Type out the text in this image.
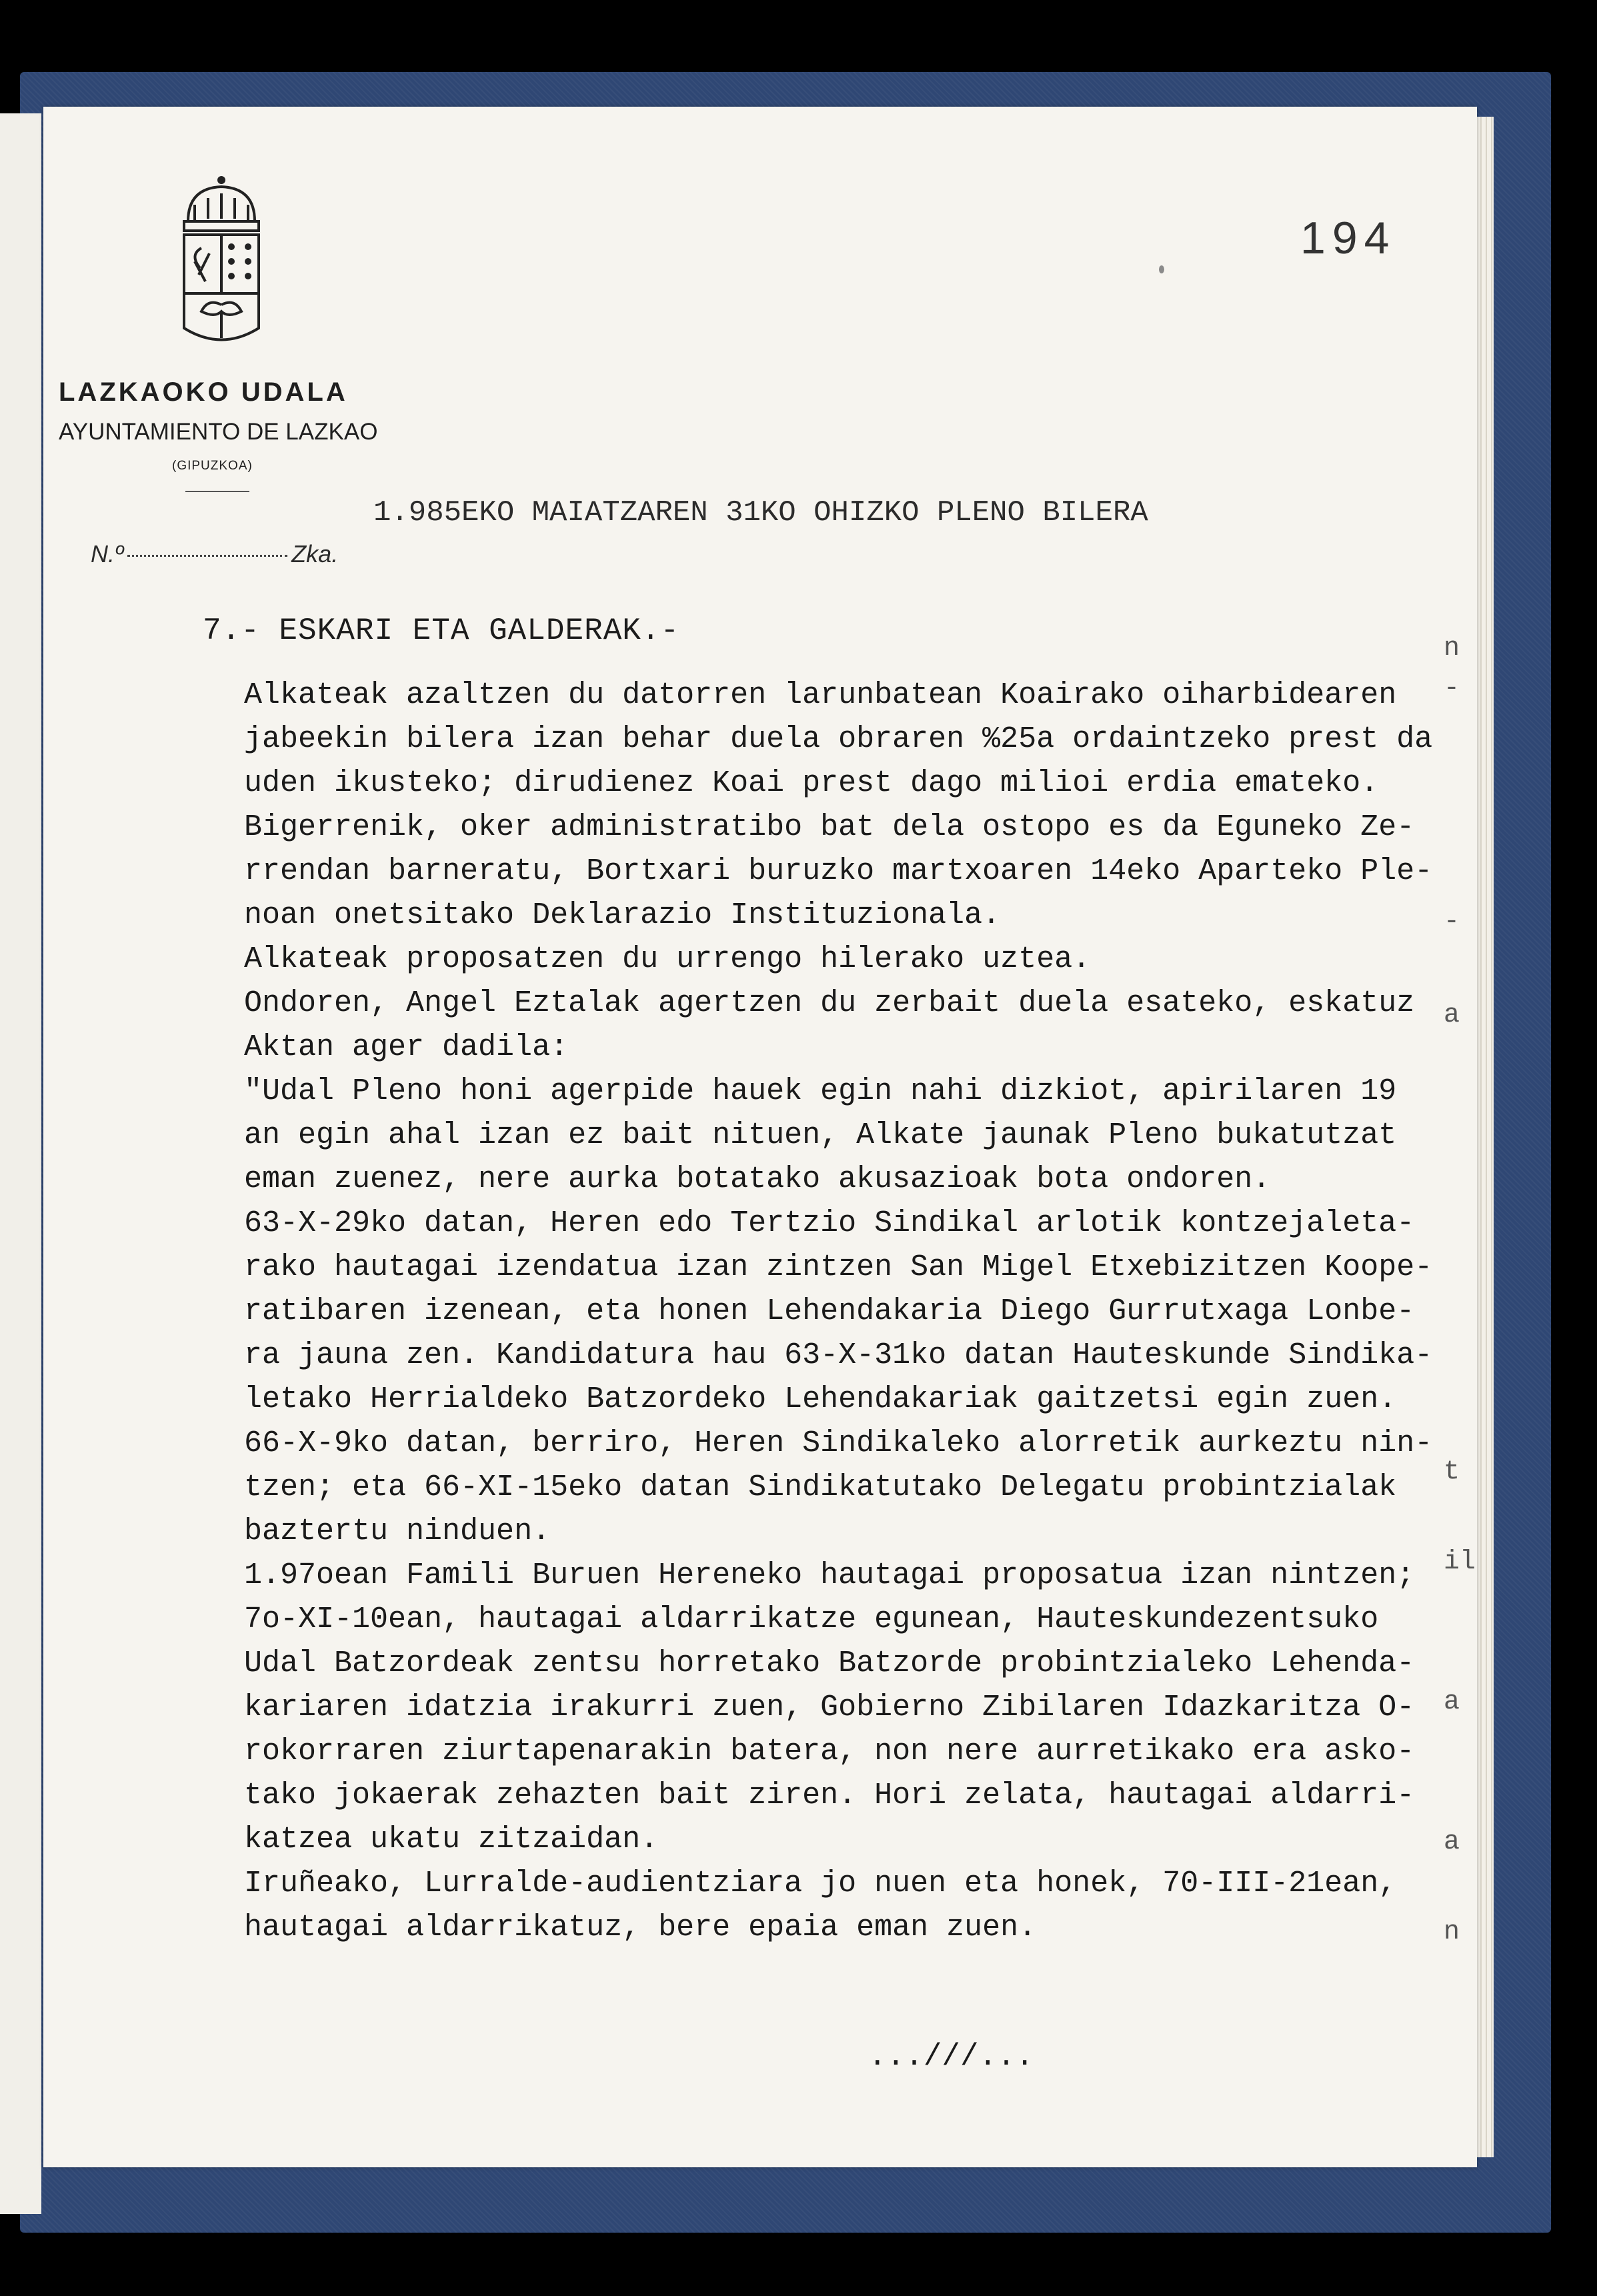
LAZKAOKO UDALA
AYUNTAMIENTO DE LAZKAO
(GIPUZKOA)
194
1.985EKO MAIATZAREN 31KO OHIZKO PLENO BILERA
N.º	Zka.
7.- ESKARI ETA GALDERAK.-
Alkateak azaltzen du datorren larunbatean Koairako oiharbidearen
jabeekin bilera izan behar duela obraren %25a ordaintzeko prest da
uden ikusteko; dirudienez Koai prest dago milioi erdia emateko.
Bigerrenik, oker administratibo bat dela ostopo es da Eguneko Ze-
rrendan barneratu, Bortxari buruzko martxoaren 14eko Aparteko Ple-
noan onetsitako Deklarazio Instituzionala.
Alkateak proposatzen du urrengo hilerako uztea.
Ondoren, Angel Eztalak agertzen du zerbait duela esateko, eskatuz
Aktan ager dadila:
"Udal Pleno honi agerpide hauek egin nahi dizkiot, apirilaren 19
an egin ahal izan ez bait nituen, Alkate jaunak Pleno bukatutzat
eman zuenez, nere aurka botatako akusazioak bota ondoren.
63-X-29ko datan, Heren edo Tertzio Sindikal arlotik kontzejaleta-
rako hautagai izendatua izan zintzen San Migel Etxebizitzen Koope-
ratibaren izenean, eta honen Lehendakaria Diego Gurrutxaga Lonbe-
ra jauna zen. Kandidatura hau 63-X-31ko datan Hauteskunde Sindika-
letako Herrialdeko Batzordeko Lehendakariak gaitzetsi egin zuen.
66-X-9ko datan, berriro, Heren Sindikaleko alorretik aurkeztu nin-
tzen; eta 66-XI-15eko datan Sindikatutako Delegatu probintzialak
baztertu ninduen.
1.97oean Famili Buruen Hereneko hautagai proposatua izan nintzen;
7o-XI-10ean, hautagai aldarrikatze egunean, Hauteskundezentsuko
Udal Batzordeak zentsu horretako Batzorde probintzialeko Lehenda-
kariaren idatzia irakurri zuen, Gobierno Zibilaren Idazkaritza O-
rokorraren ziurtapenarakin batera, non nere aurretikako era asko-
tako jokaerak zehazten bait ziren. Hori zelata, hautagai aldarri-
katzea ukatu zitzaidan.
Iruñeako, Lurralde-audientziara jo nuen eta honek, 70-III-21ean,
hautagai aldarrikatuz, bere epaia eman zuen.
...///...
n
-
-
a
t
il
a
a
n
